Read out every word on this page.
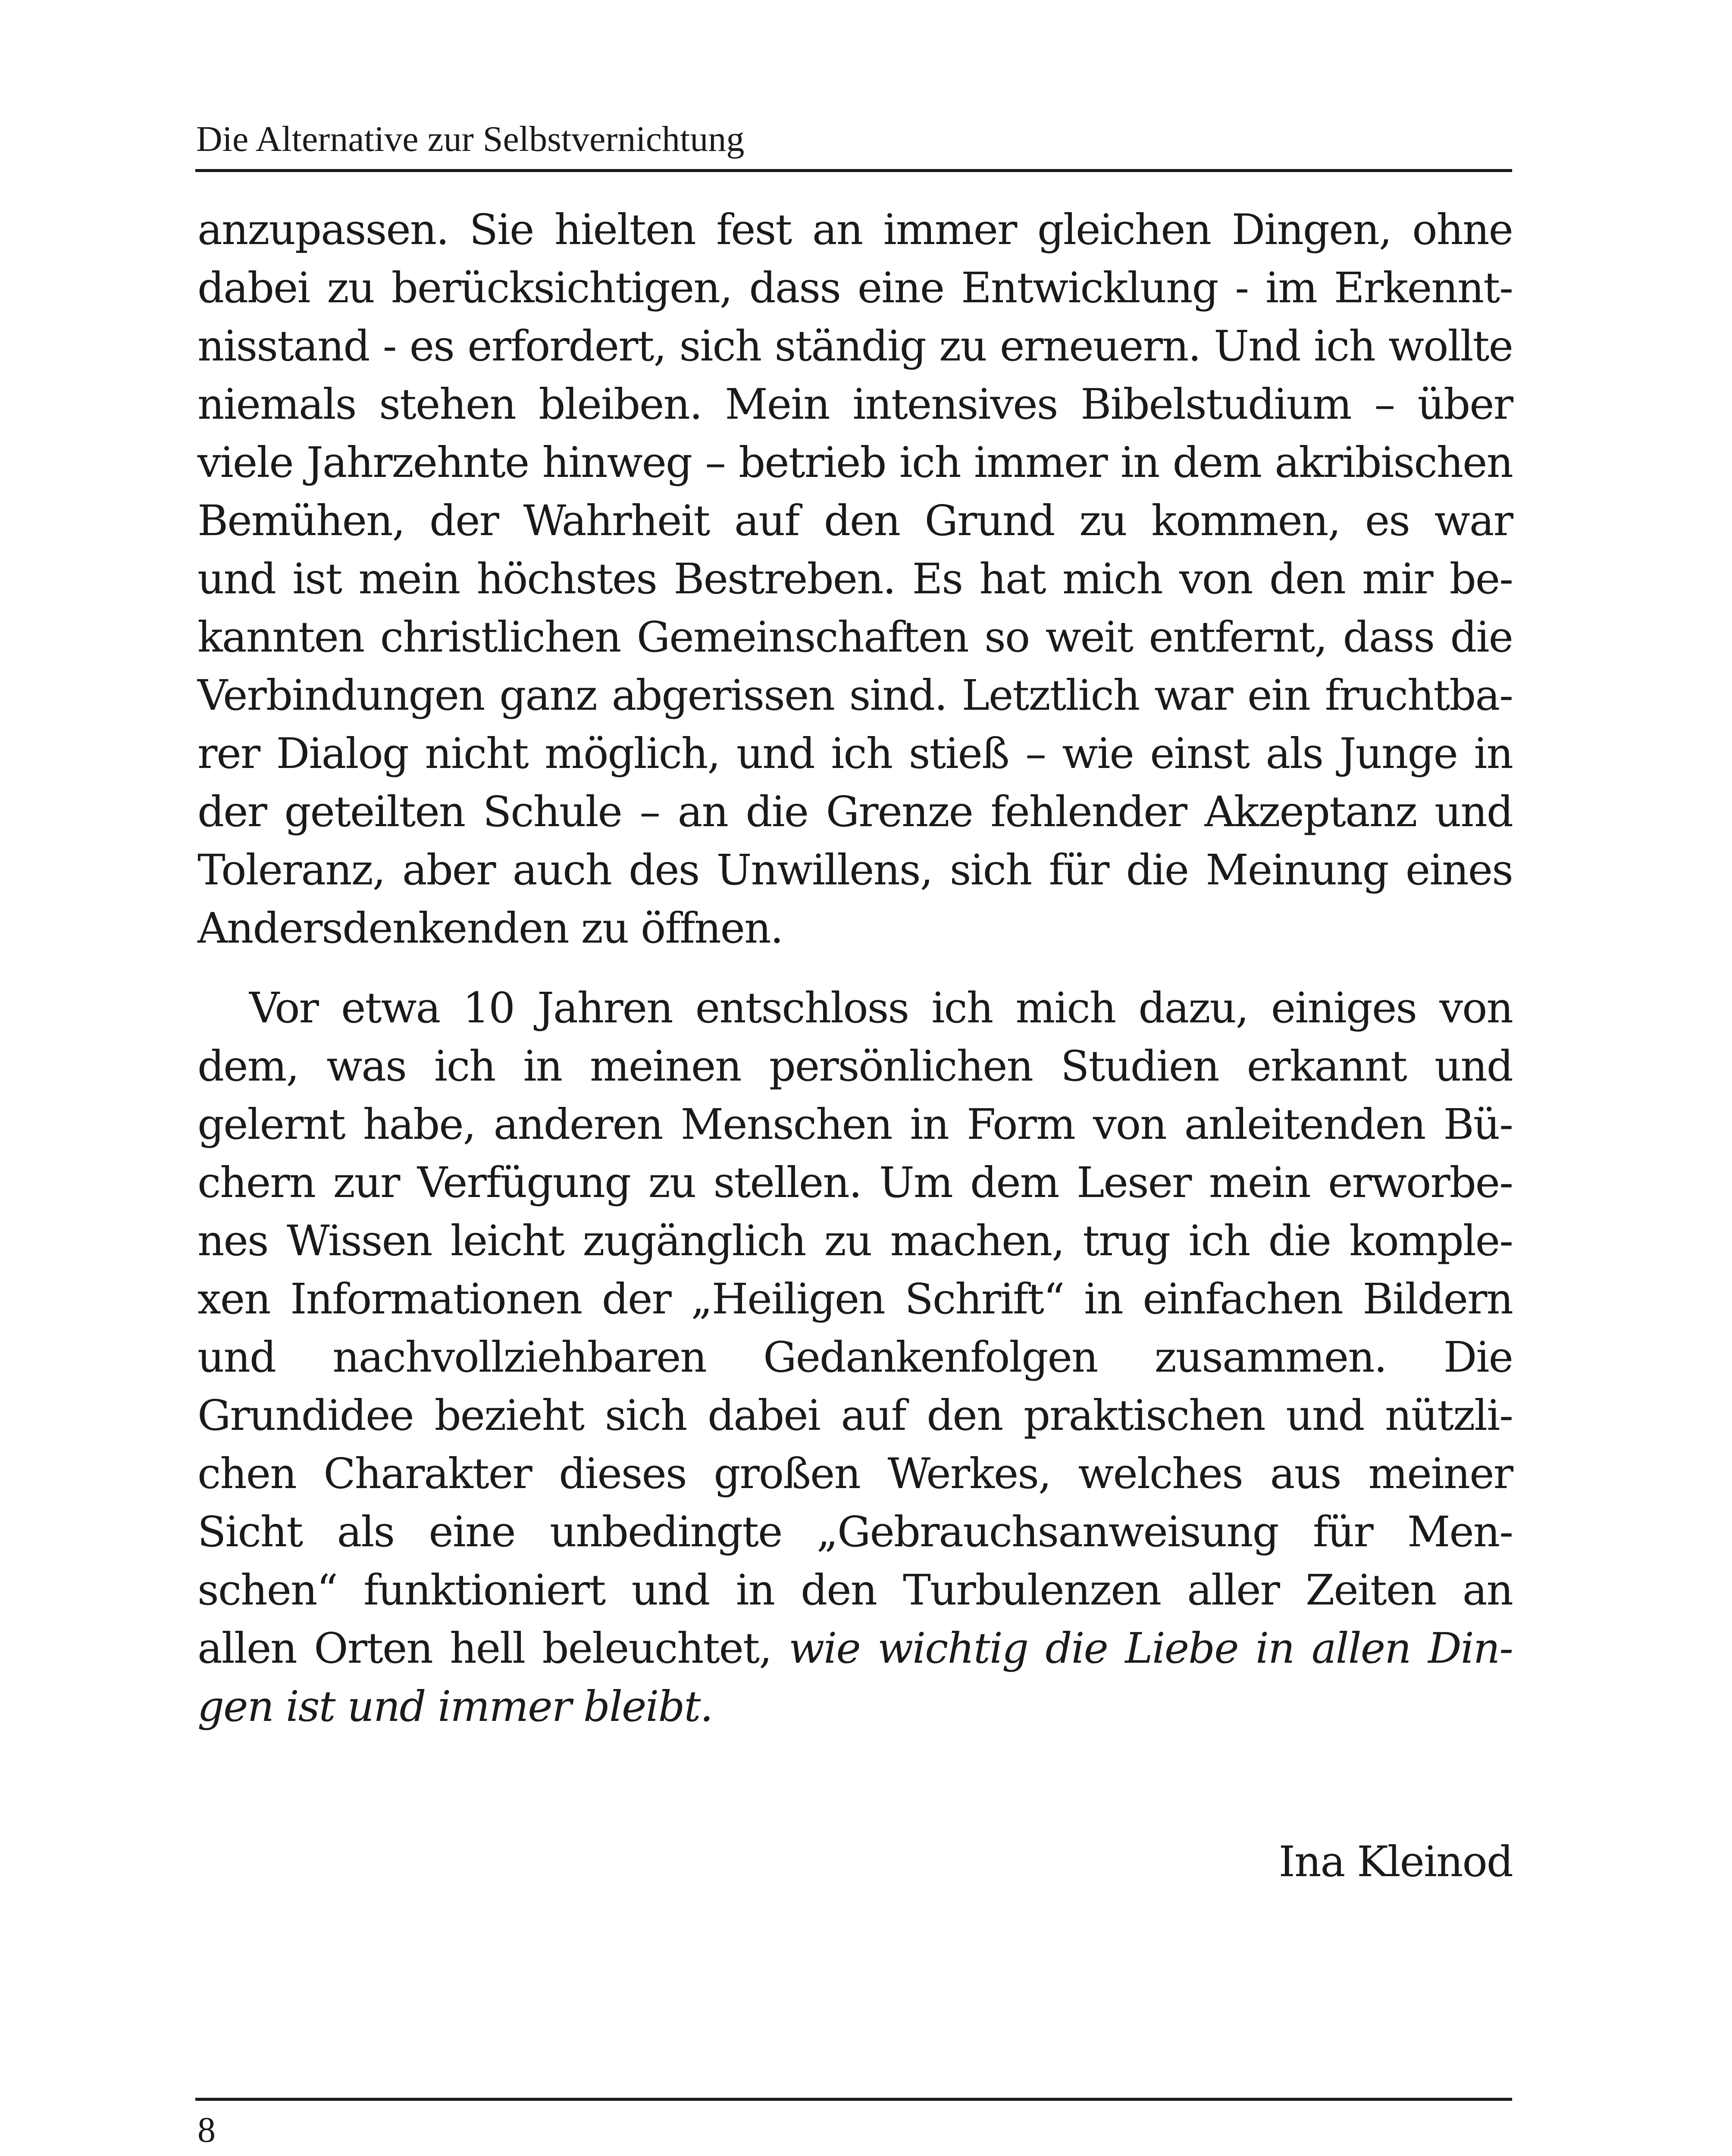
Die Alternative zur Selbstvernichtung
anzupassen. Sie hielten fest an immer gleichen Dingen, ohne
dabei zu berücksichtigen, dass eine Entwicklung - im Erkennt-
nisstand - es erfordert, sich ständig zu erneuern. Und ich wollte
niemals stehen bleiben. Mein intensives Bibelstudium – über
viele Jahrzehnte hinweg – betrieb ich immer in dem akribischen
Bemühen, der Wahrheit auf den Grund zu kommen, es war
und ist mein höchstes Bestreben. Es hat mich von den mir be-
kannten christlichen Gemeinschaften so weit entfernt, dass die
Verbindungen ganz abgerissen sind. Letztlich war ein fruchtba-
rer Dialog nicht möglich, und ich stieß – wie einst als Junge in
der geteilten Schule – an die Grenze fehlender Akzeptanz und
Toleranz, aber auch des Unwillens, sich für die Meinung eines
Andersdenkenden zu öffnen.
Vor etwa 10 Jahren entschloss ich mich dazu, einiges von
dem, was ich in meinen persönlichen Studien erkannt und
gelernt habe, anderen Menschen in Form von anleitenden Bü-
chern zur Verfügung zu stellen. Um dem Leser mein erworbe-
nes Wissen leicht zugänglich zu machen, trug ich die komple-
xen Informationen der „Heiligen Schrift“ in einfachen Bildern
und nachvollziehbaren Gedankenfolgen zusammen. Die
Grundidee bezieht sich dabei auf den praktischen und nützli-
chen Charakter dieses großen Werkes, welches aus meiner
Sicht als eine unbedingte „Gebrauchsanweisung für Men-
schen“ funktioniert und in den Turbulenzen aller Zeiten an
allen Orten hell beleuchtet, wie wichtig die Liebe in allen Din-
gen ist und immer bleibt.
Ina Kleinod
8
